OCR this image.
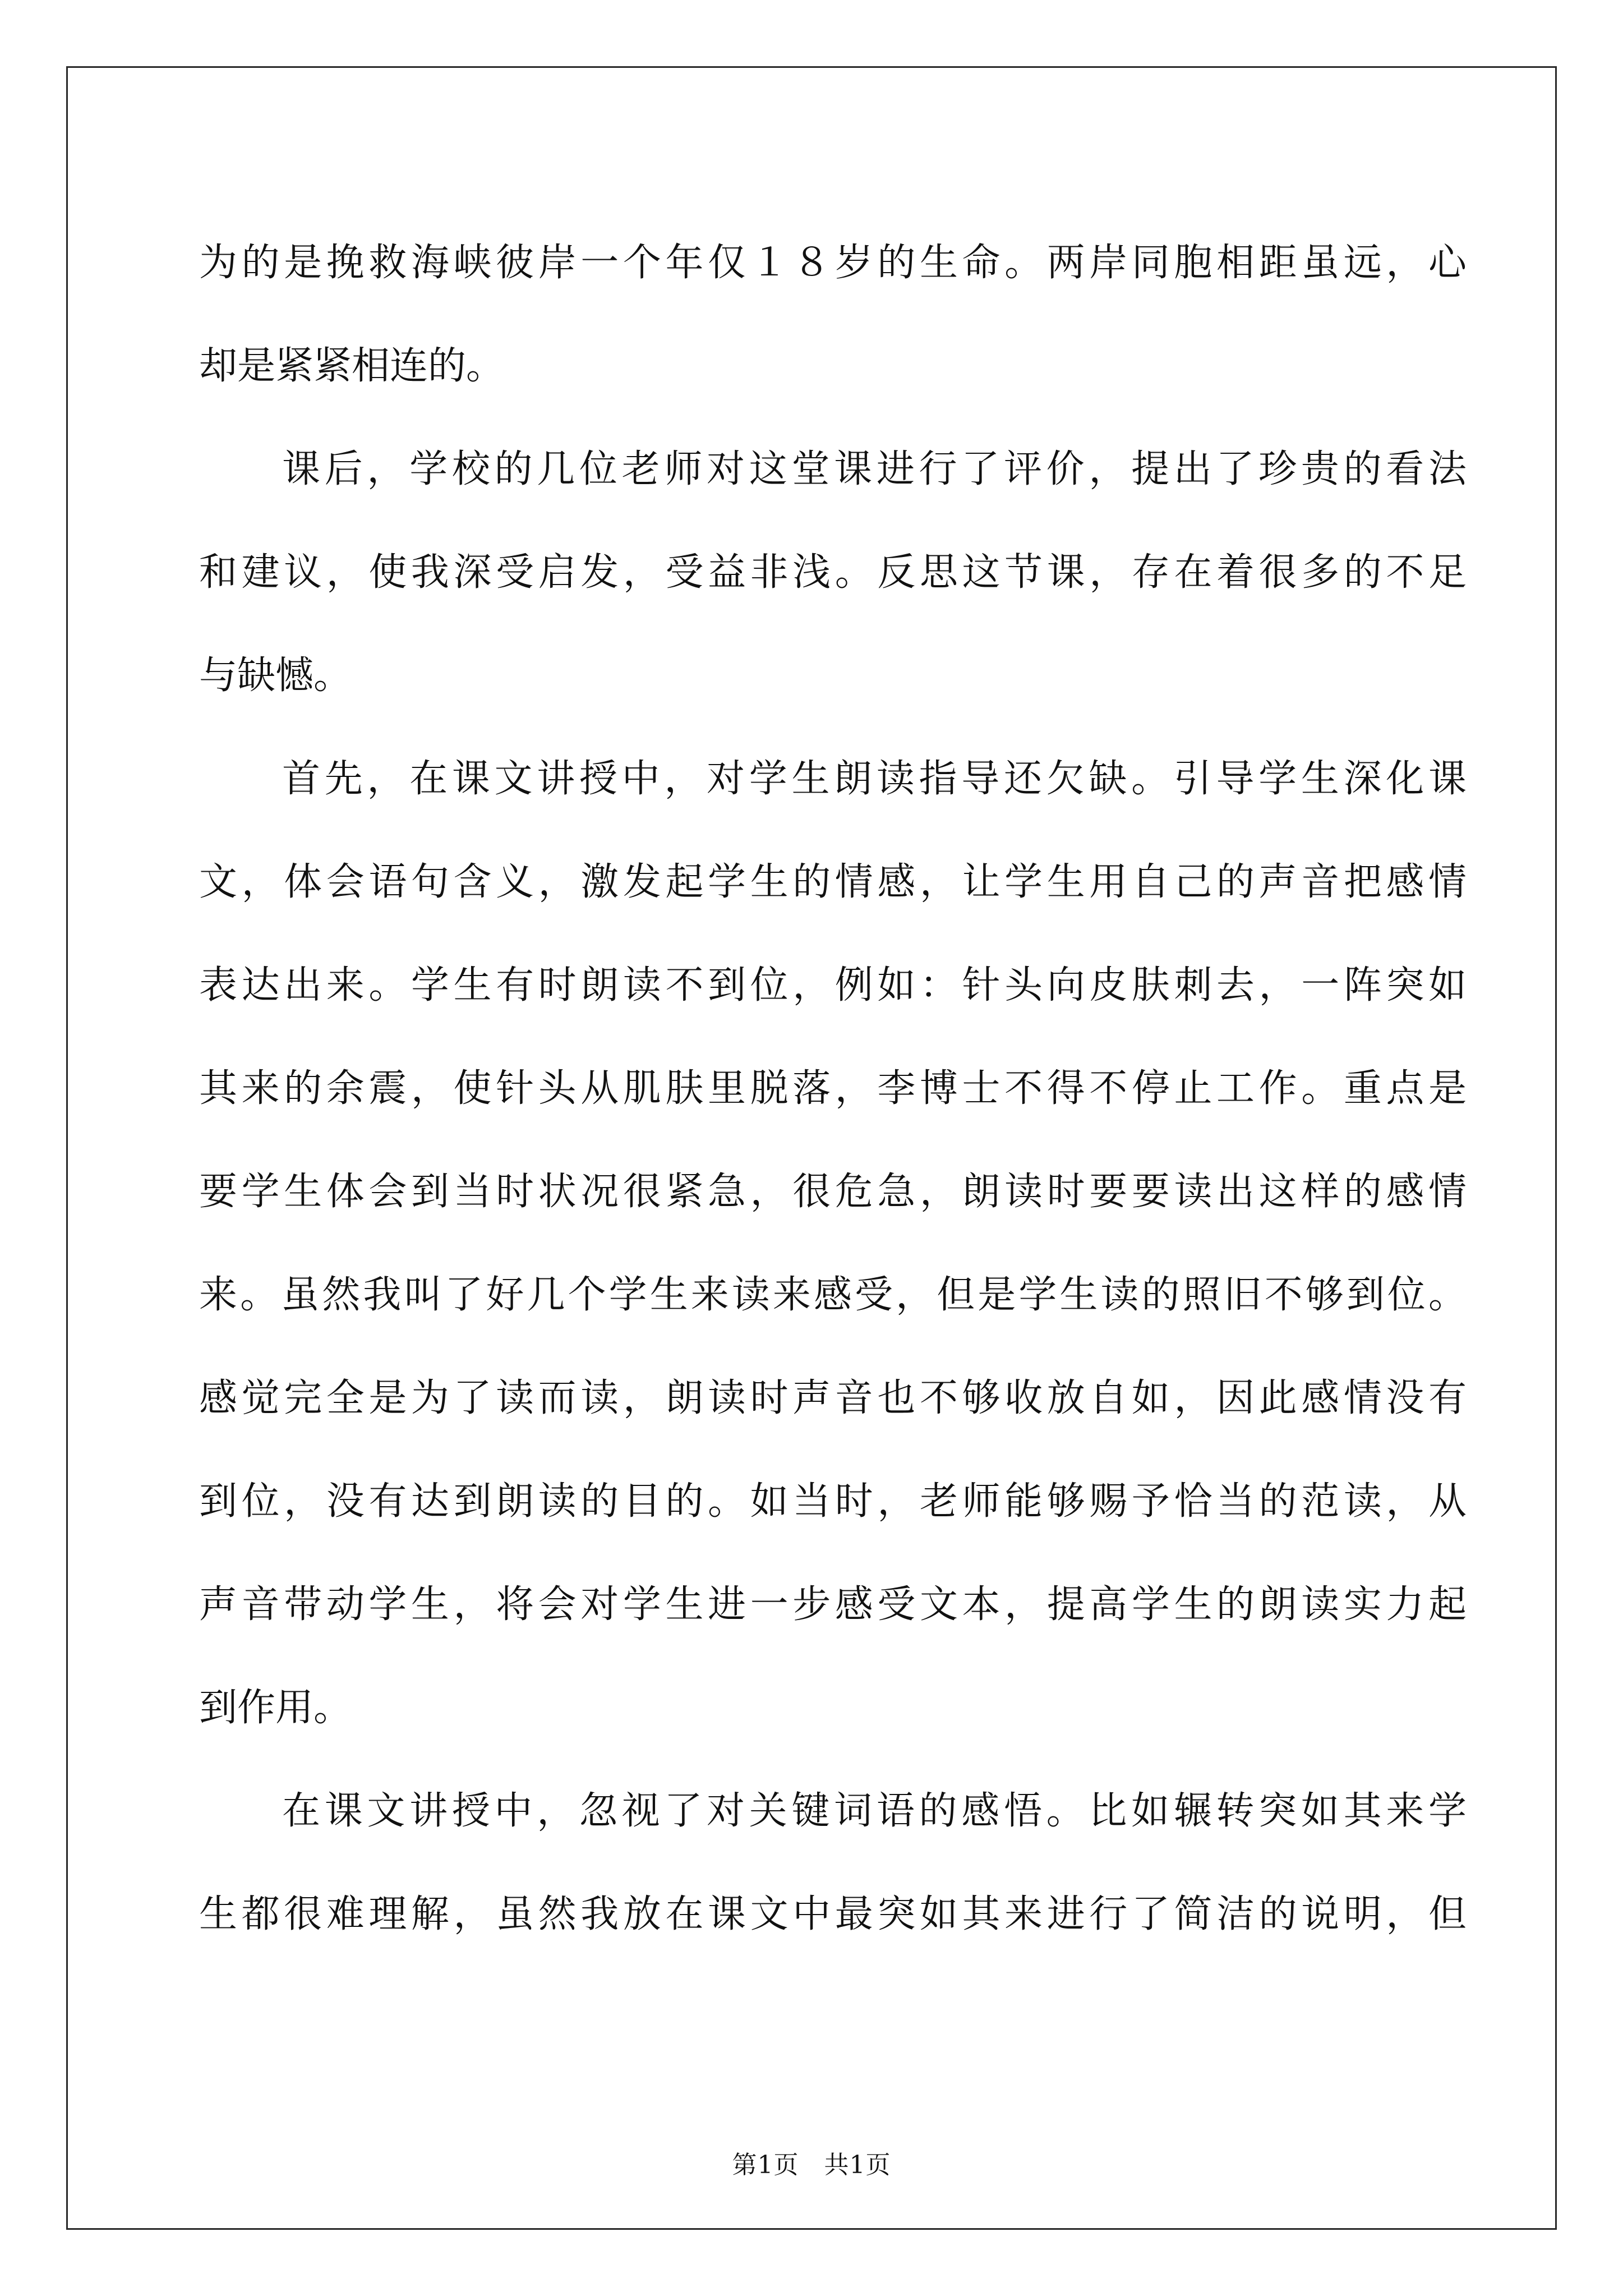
为的是挽救海峡彼岸一个年仅１８岁的生命。两岸同胞相距虽远，心
却是紧紧相连的。
课后，学校的几位老师对这堂课进行了评价，提出了珍贵的看法
和建议，使我深受启发，受益非浅。反思这节课，存在着很多的不足
与缺憾。
首先，在课文讲授中，对学生朗读指导还欠缺。引导学生深化课
文，体会语句含义，激发起学生的情感，让学生用自己的声音把感情
表达出来。学生有时朗读不到位，例如：针头向皮肤刺去，一阵突如
其来的余震，使针头从肌肤里脱落，李博士不得不停止工作。重点是
要学生体会到当时状况很紧急，很危急，朗读时要要读出这样的感情
来。虽然我叫了好几个学生来读来感受，但是学生读的照旧不够到位。
感觉完全是为了读而读，朗读时声音也不够收放自如，因此感情没有
到位，没有达到朗读的目的。如当时，老师能够赐予恰当的范读，从
声音带动学生，将会对学生进一步感受文本，提高学生的朗读实力起
到作用。
在课文讲授中，忽视了对关键词语的感悟。比如辗转突如其来学
生都很难理解，虽然我放在课文中最突如其来进行了简洁的说明，但
第1页　共1页
